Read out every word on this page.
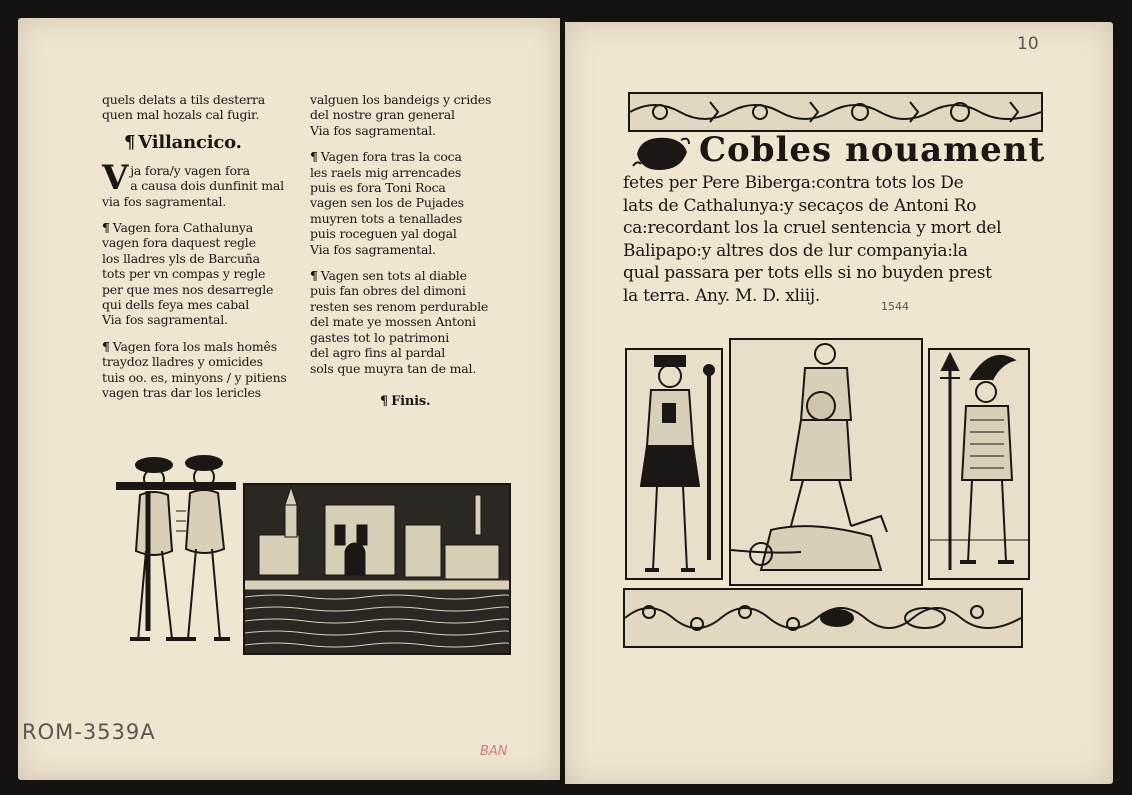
quels delats a tils desterra

quen mal hozals cal fugir.

¶ Villancico.

V ja fora/y vagen fora

a causa dois dunfinit mal

via fos sagramental.

¶ Vagen fora Cathalunya

vagen fora daquest regle

los lladres yls de Barcuña

tots per vn compas y regle

per que mes nos desarregle

qui dells feya mes cabal

Via fos sagramental.

¶ Vagen fora los mals homês

traydoz lladres y omicides

tuis oo. es, minyons / y pitiens

vagen tras dar los lericles

valguen los bandeigs y crides

del nostre gran general

Via fos sagramental.

¶ Vagen fora tras la coca

les raels mig arrencades

puis es fora Toni Roca

vagen sen los de Pujades

muyren tots a tenallades

puis roceguen yal dogal

Via fos sagramental.

¶ Vagen sen tots al diable

puis fan obres del dimoni

resten ses renom perdurable

del mate ye mossen Antoni

gastes tot lo patrimoni

del agro fins al pardal

sols que muyra tan de mal.

¶ Finis.

ROM-3539A
BAN
10
Cobles nouament

fetes per Pere Biberga:contra tots los De

lats de Cathalunya:y secaços de Antoni Ro

ca:recordant los la cruel sentencia y mort del

Balipapo:y altres dos de lur companyia:la

qual passara per tots ells si no buyden prest

la terra. Any. M. D. xliij.

1544
